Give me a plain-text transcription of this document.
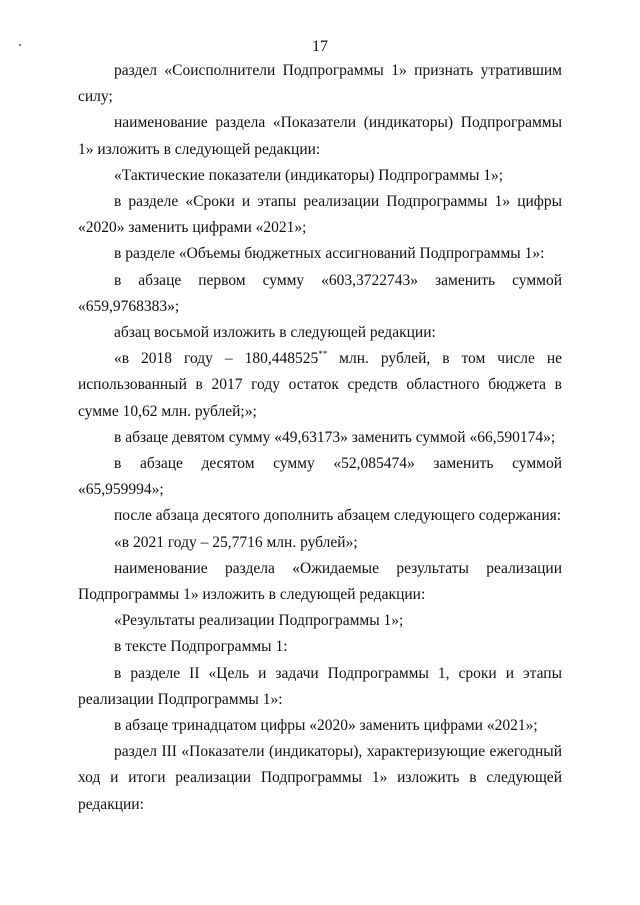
17

раздел «Соисполнители Подпрограммы 1» признать утратившим силу;

наименование раздела «Показатели (индикаторы) Подпрограммы 1» изложить в следующей редакции:

«Тактические показатели (индикаторы) Подпрограммы 1»;

в разделе «Сроки и этапы реализации Подпрограммы 1» цифры «2020» заменить цифрами «2021»;

в разделе «Объемы бюджетных ассигнований Подпрограммы 1»:

в абзаце первом сумму «603,3722743» заменить суммой «659,9768383»;

абзац восьмой изложить в следующей редакции:

«в 2018 году – 180,448525** млн. рублей, в том числе не использованный в 2017 году остаток средств областного бюджета в сумме 10,62 млн. рублей;»;

в абзаце девятом сумму «49,63173» заменить суммой «66,590174»;

в абзаце десятом сумму «52,085474» заменить суммой «65,959994»;

после абзаца десятого дополнить абзацем следующего содержания:

«в 2021 году – 25,7716 млн. рублей»;

наименование раздела «Ожидаемые результаты реализации Подпрограммы 1» изложить в следующей редакции:

«Результаты реализации Подпрограммы 1»;

в тексте Подпрограммы 1:

в разделе II «Цель и задачи Подпрограммы 1, сроки и этапы реализации Подпрограммы 1»:

в абзаце тринадцатом цифры «2020» заменить цифрами «2021»;

раздел III «Показатели (индикаторы), характеризующие ежегодный ход и итоги реализации Подпрограммы 1» изложить в следующей редакции:
